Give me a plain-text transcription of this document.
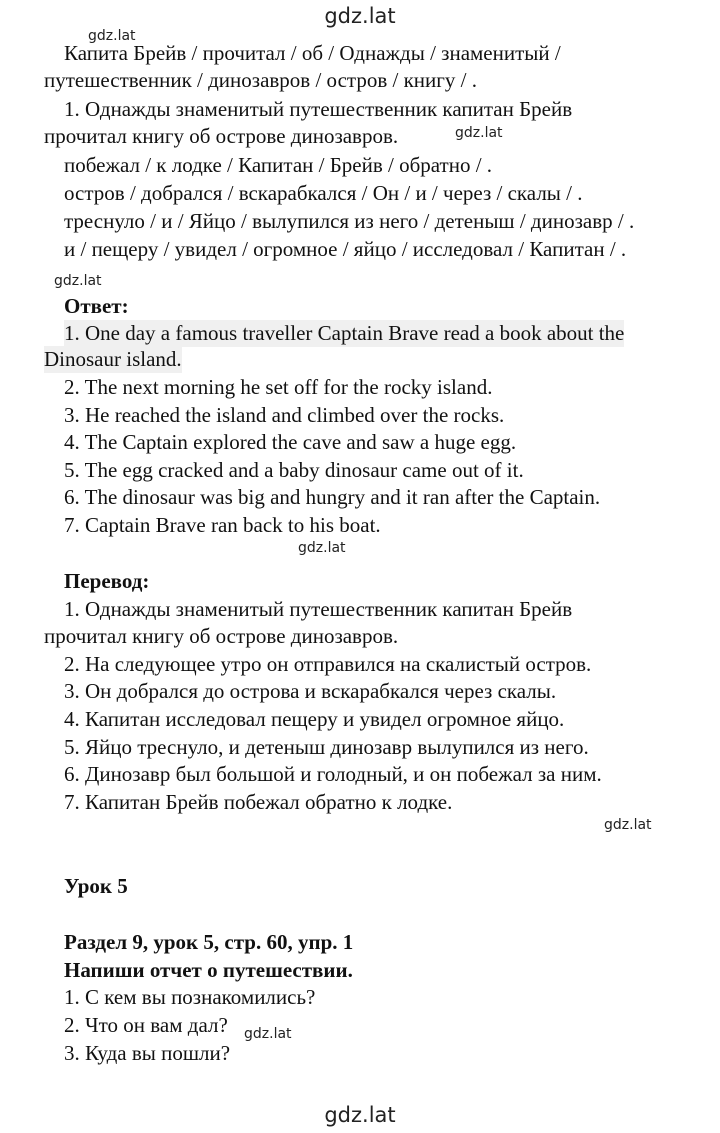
gdz.lat
Капита Брейв / прочитал / об / Однажды / знаменитый /
путешественник / динозавров / остров / книгу / .
gdz.lat
1. Однажды знаменитый путешественник капитан Брейв
прочитал книгу об острове динозавров.	gdz.lat
побежал / к лодке / Капитан / Брейв / обратно / .
остров / добрался / вскарабкался / Он / и / через / скалы / .
треснуло / и / Яйцо / вылупился из него / детеныш / динозавр / .
и / пещеру / увидел / огромное / яйцо / исследовал / Капитан / .
gdz.lat
Ответ:
1. One day a famous traveller Captain Brave read a book about the
Dinosaur island.
2. The next morning he set off for the rocky island.
3. He reached the island and climbed over the rocks.
4. The Captain explored the cave and saw a huge egg.
5. The egg cracked and a baby dinosaur came out of it.
6. The dinosaur was big and hungry and it ran after the Captain.
7. Captain Brave ran back to his boat.
gdz.lat
Перевод:
1. Однажды знаменитый путешественник капитан Брейв
прочитал книгу об острове динозавров.
2. На следующее утро он отправился на скалистый остров.
3. Он добрался до острова и вскарабкался через скалы.
4. Капитан исследовал пещеру и увидел огромное яйцо.
5. Яйцо треснуло, и детеныш динозавр вылупился из него.
6. Динозавр был большой и голодный, и он побежал за ним.
7. Капитан Брейв побежал обратно к лодке.
gdz.lat
Урок 5
Раздел 9, урок 5, стр. 60, упр. 1
Напиши отчет о путешествии.
1. С кем вы познакомились?
2. Что он вам дал? gdz.lat
3. Куда вы пошли?
gdz.lat
